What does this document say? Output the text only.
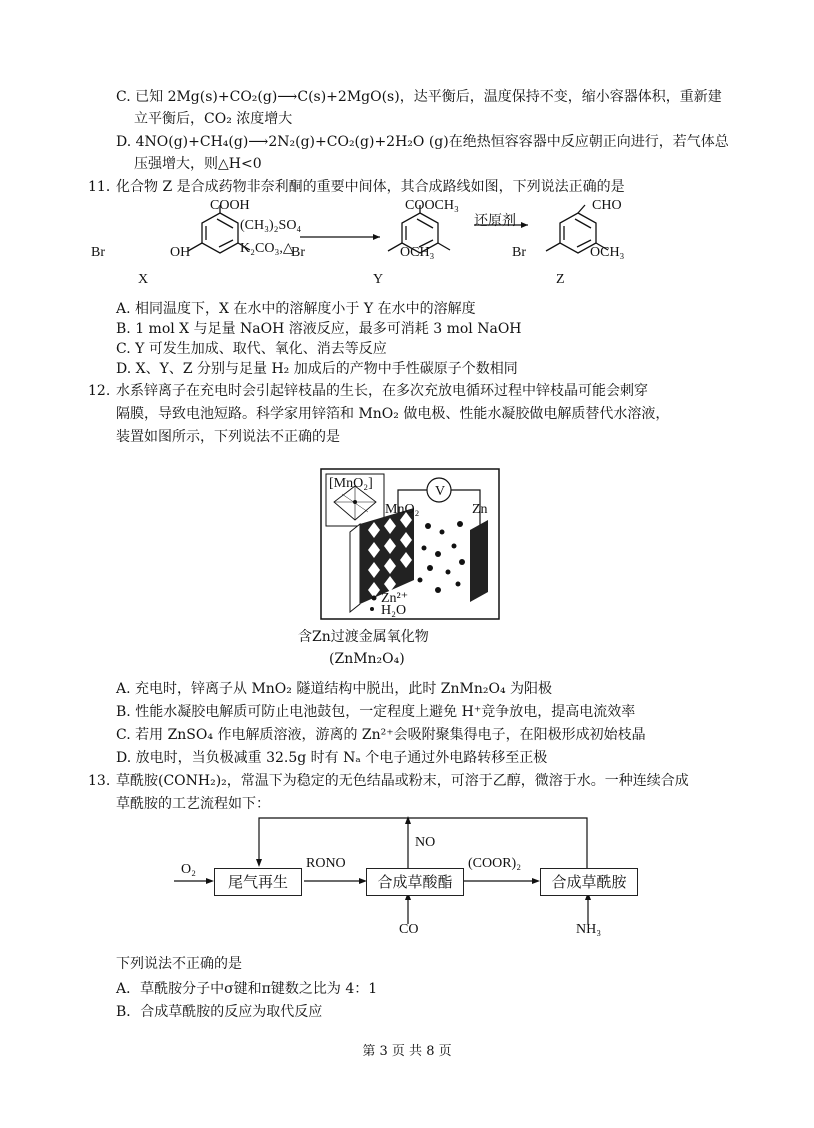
C. 已知 2Mg(s)+CO₂(g)⟶C(s)+2MgO(s)，达平衡后，温度保持不变，缩小容器体积，重新建
立平衡后，CO₂ 浓度增大
D. 4NO(g)+CH₄(g)⟶2N₂(g)+CO₂(g)+2H₂O (g)在绝热恒容容器中反应朝正向进行，若气体总
压强增大，则△H<0
11．
化合物 Z 是合成药物非奈利酮的重要中间体，其合成路线如图，下列说法正确的是
COOH
Br	OH
X
(CH₃)₂SO₄
K₂CO₃,△
COOCH₃
Br	OCH₃
Y
还原剂
CHO
Br	OCH₃
Z
A. 相同温度下，X 在水中的溶解度小于 Y 在水中的溶解度
B. 1 mol X 与足量 NaOH 溶液反应，最多可消耗 3 mol NaOH
C. Y 可发生加成、取代、氧化、消去等反应
D. X、Y、Z 分别与足量 H₂ 加成后的产物中手性碳原子个数相同
12. 水系锌离子在充电时会引起锌枝晶的生长，在多次充放电循环过程中锌枝晶可能会刺穿
隔膜，导致电池短路。科学家用锌箔和 MnO₂ 做电极、性能水凝胶做电解质替代水溶液，
装置如图所示，下列说法不正确的是
[MnO₂]
V
MnO₂	Zn
Zn²⁺
H₂O
含Zn过渡金属氧化物
(ZnMn₂O₄)
A. 充电时，锌离子从 MnO₂ 隧道结构中脱出，此时 ZnMn₂O₄ 为阳极
B. 性能水凝胶电解质可防止电池鼓包，一定程度上避免 H⁺竞争放电，提高电流效率
C. 若用 ZnSO₄ 作电解质溶液，游离的 Zn²⁺会吸附聚集得电子，在阳极形成初始枝晶
D. 放电时，当负极减重 32.5g 时有 Nₐ 个电子通过外电路转移至正极
13. 草酰胺(CONH₂)₂，常温下为稳定的无色结晶或粉末，可溶于乙醇，微溶于水。一种连续合成
草酰胺的工艺流程如下：
尾气再生	合成草酸酯	合成草酰胺
O₂	RONO
NO
(COOR)₂
CO	NH₃
下列说法不正确的是
A．草酰胺分子中σ键和π键数之比为 4：1
B．合成草酰胺的反应为取代反应
第 3 页 共 8 页
